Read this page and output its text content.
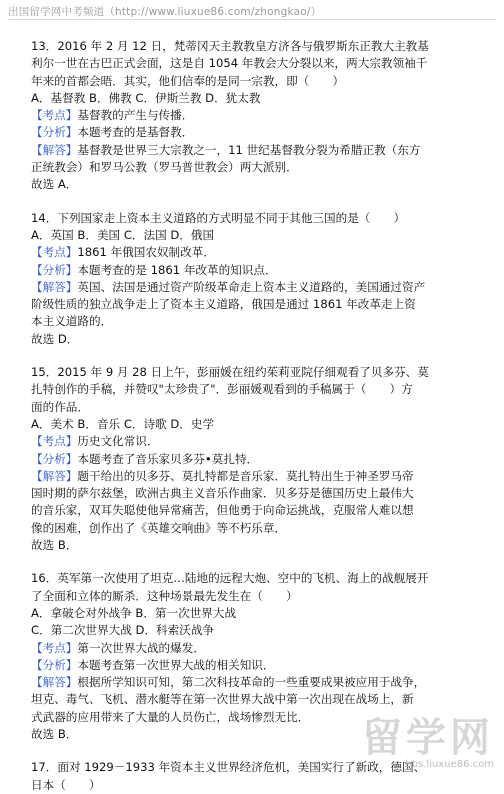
出国留学网中考频道（http://www.liuxue86.com/zhongkao/）

13．2016 年 2 月 12 日，梵蒂冈天主教教皇方济各与俄罗斯东正教大主教基

利尔一世在古巴正式会面，这是自 1054 年教会大分裂以来，两大宗教领袖千

年来的首都会晤．其实，他们信奉的是同一宗教，即（　　）

A．基督教 B．佛教 C．伊斯兰教 D．犹太教

【考点】基督教的产生与传播．

【分析】本题考查的是基督教．

【解答】基督教是世界三大宗教之一，11 世纪基督教分裂为希腊正教（东方

正统教会）和罗马公教（罗马普世教会）两大派别．

故选 A．

14．下列国家走上资本主义道路的方式明显不同于其他三国的是（　　）

A．英国 B．美国 C．法国 D．俄国

【考点】1861 年俄国农奴制改革．

【分析】本题考查的是 1861 年改革的知识点．

【解答】英国、法国是通过资产阶级革命走上资本主义道路的，美国通过资产

阶级性质的独立战争走上了资本主义道路，俄国是通过 1861 年改革走上资

本主义道路的．

故选 D．

15．2015 年 9 月 28 日上午，彭丽媛在纽约茱莉亚院仔细观看了贝多芬、莫

扎特创作的手稿，并赞叹"太珍贵了"．彭丽媛观看到的手稿属于（　　）方

面的作品．

A．美术 B．音乐 C．诗歌 D．史学

【考点】历史文化常识．

【分析】本题考查了音乐家贝多芬•莫扎特．

【解答】题干给出的贝多芬、莫扎特都是音乐家．莫扎特出生于神圣罗马帝

国时期的萨尔兹堡，欧洲古典主义音乐作曲家．贝多芬是德国历史上最伟大

的音乐家，双耳失聪使他异常痛苦，但他勇于向命运挑战，克服常人难以想

像的困难，创作出了《英雄交响曲》等不朽乐章．

故选 B．

16．英军第一次使用了坦克…陆地的远程大炮、空中的飞机、海上的战舰展开

了全面和立体的厮杀．这种场景最先发生在（　　）

A．拿破仑对外战争 B．第一次世界大战

C．第二次世界大战 D．科索沃战争

【考点】第一次世界大战的爆发．

【分析】本题考查第一次世界大战的相关知识．

【解答】根据所学知识可知，第二次科技革命的一些重要成果被应用于战争，

坦克、毒气、飞机、潜水艇等在第一次世界大战中第一次出现在战场上，新

式武器的应用带来了大量的人员伤亡，战场惨烈无比．

故选 B．

17．面对 1929－1933 年资本主义世界经济危机，美国实行了新政，德国、

日本（　　）

留学网
bbs.liuxue86.com
